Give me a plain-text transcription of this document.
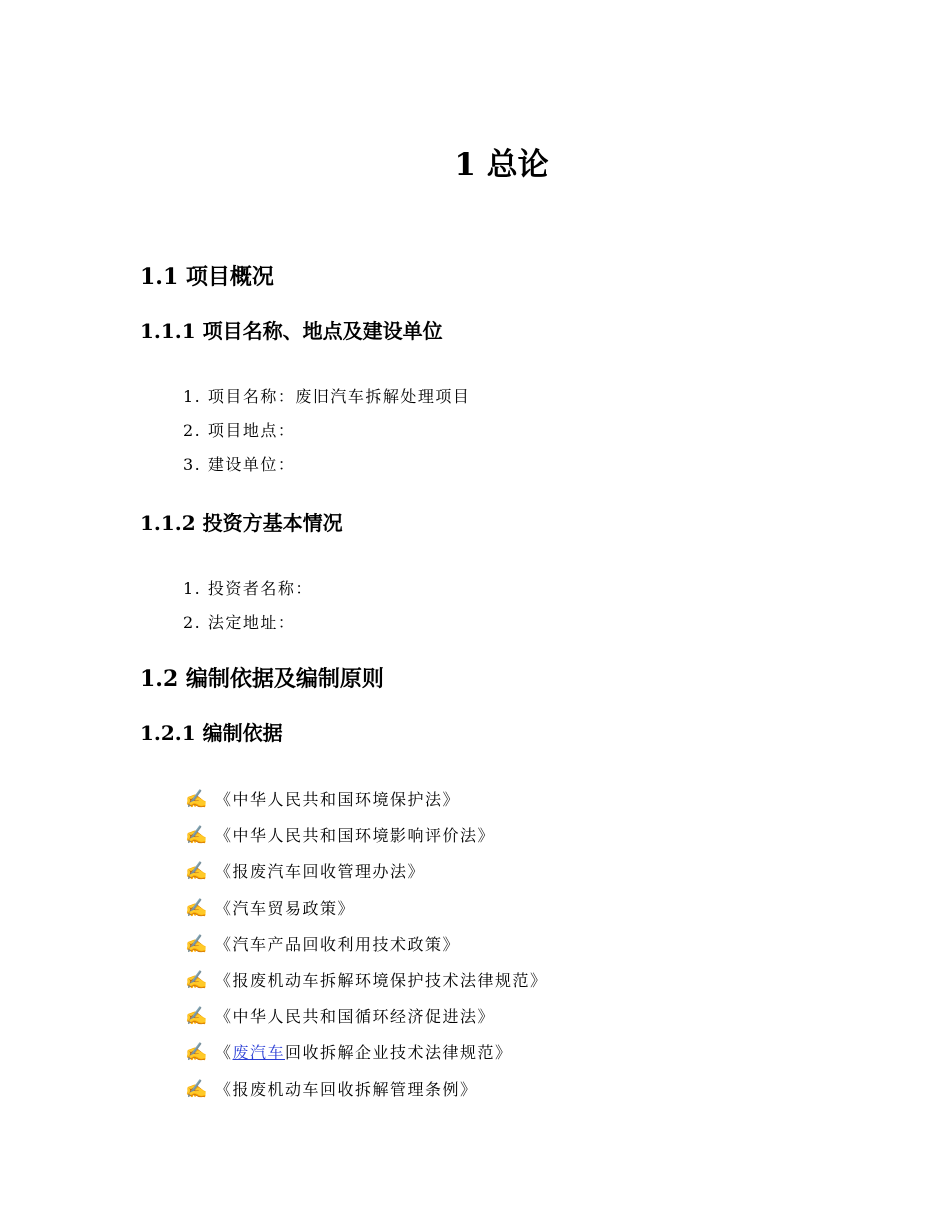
1 总论
1.1 项目概况
1.1.1 项目名称、地点及建设单位
1. 项目名称：废旧汽车拆解处理项目
2. 项目地点：
3. 建设单位：
1.1.2 投资方基本情况
1. 投资者名称：
2. 法定地址：
1.2 编制依据及编制原则
1.2.1 编制依据
✍ 《中华人民共和国环境保护法》
✍ 《中华人民共和国环境影响评价法》
✍ 《报废汽车回收管理办法》
✍ 《汽车贸易政策》
✍ 《汽车产品回收利用技术政策》
✍ 《报废机动车拆解环境保护技术法律规范》
✍ 《中华人民共和国循环经济促进法》
✍ 《废汽车回收拆解企业技术法律规范》
✍ 《报废机动车回收拆解管理条例》
